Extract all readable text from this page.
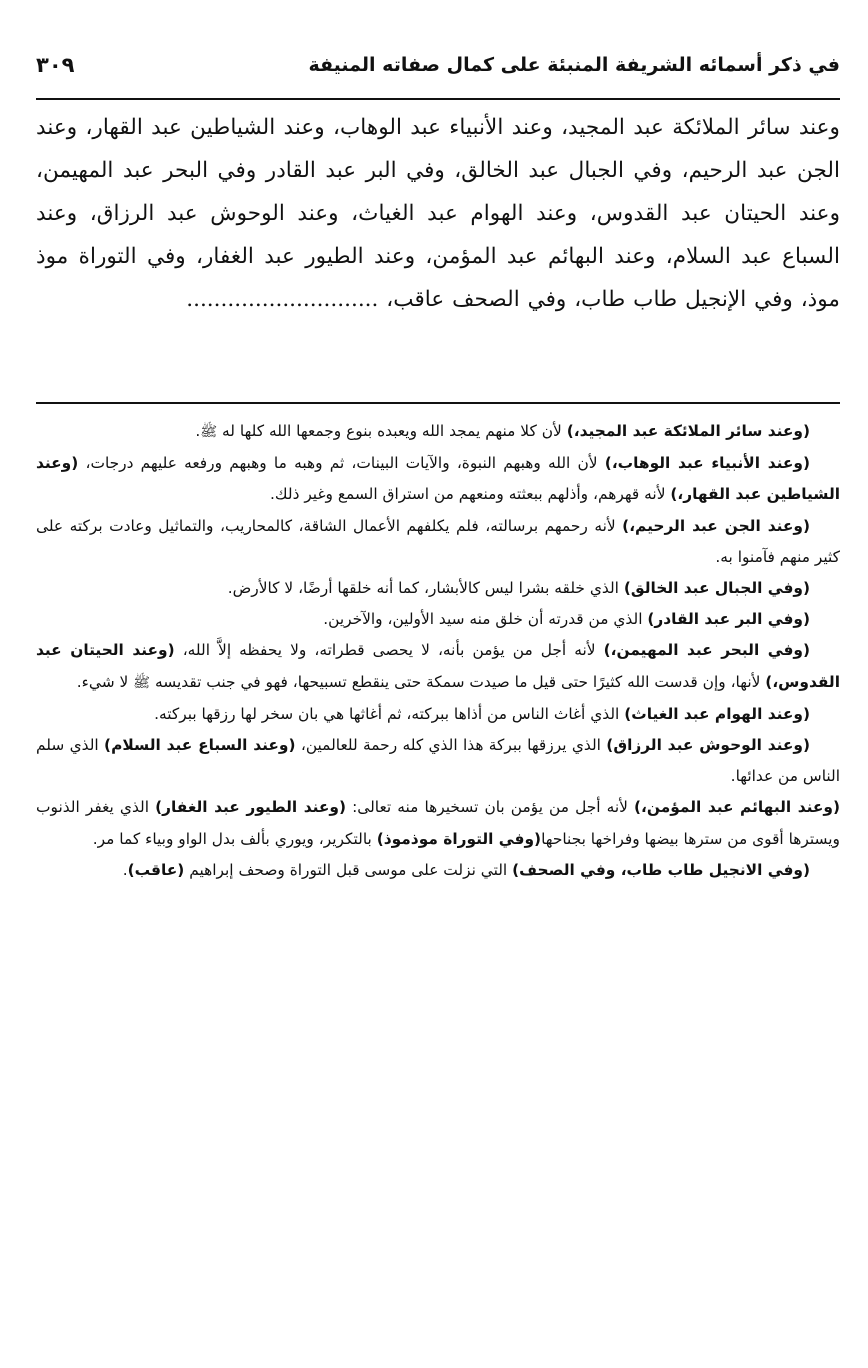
في ذكر أسمائه الشريفة المنبئة على كمال صفاته المنيفة
٣٠٩
وعند سائر الملائكة عبد المجيد، وعند الأنبياء عبد الوهاب، وعند الشياطين عبد القهار، وعند الجن عبد الرحيم، وفي الجبال عبد الخالق، وفي البر عبد القادر وفي البحر عبد المهيمن، وعند الحيتان عبد القدوس، وعند الهوام عبد الغياث، وعند الوحوش عبد الرزاق، وعند السباع عبد السلام، وعند البهائم عبد المؤمن، وعند الطيور عبد الغفار، وفي التوراة موذ موذ، وفي الإنجيل طاب طاب، وفي الصحف عاقب، ............................

(وعند سائر الملائكة عبد المجيد،) لأن كلا منهم يمجد الله ويعبده بنوع وجمعها الله كلها له ﷺ.

(وعند الأنبياء عبد الوهاب،) لأن الله وهبهم النبوة، والآيات البينات، ثم وهبه ما وهبهم ورفعه عليهم درجات، (وعند الشياطين عبد القهار،) لأنه قهرهم، وأذلهم ببعثته ومنعهم من استراق السمع وغير ذلك.

(وعند الجن عبد الرحيم،) لأنه رحمهم برسالته، فلم يكلفهم الأعمال الشاقة، كالمحاريب، والتماثيل وعادت بركته على كثير منهم فآمنوا به.

(وفي الجبال عبد الخالق) الذي خلقه بشرا ليس كالأبشار، كما أنه خلقها أرضًا، لا كالأرض.

(وفي البر عبد القادر) الذي من قدرته أن خلق منه سيد الأولين، والآخرين.

(وفي البحر عبد المهيمن،) لأنه أجل من يؤمن بأنه، لا يحصى قطراته، ولا يحفظه إلاَّ الله، (وعند الحيتان عبد القدوس،) لأنها، وإن قدست الله كثيرًا حتى قيل ما صيدت سمكة حتى ينقطع تسبيحها، فهو في جنب تقديسه ﷺ لا شيء.

(وعند الهوام عبد الغياث) الذي أغاث الناس من أذاها ببركته، ثم أغاثها هي بان سخر لها رزقها ببركته.

(وعند الوحوش عبد الرزاق) الذي يرزقها ببركة هذا الذي كله رحمة للعالمين، (وعند السباع عبد السلام) الذي سلم الناس من عدائها.

(وعند البهائم عبد المؤمن،) لأنه أجل من يؤمن بان تسخيرها منه تعالى: (وعند الطيور عبد الغفار) الذي يغفر الذنوب ويسترها أقوى من سترها بيضها وفراخها بجناحها(وفي التوراة موذموذ) بالتكرير، ويوري بألف بدل الواو وبياء كما مر.

(وفي الانجيل طاب طاب، وفي الصحف) التي نزلت على موسى قبل التوراة وصحف إبراهيم (عاقب).
